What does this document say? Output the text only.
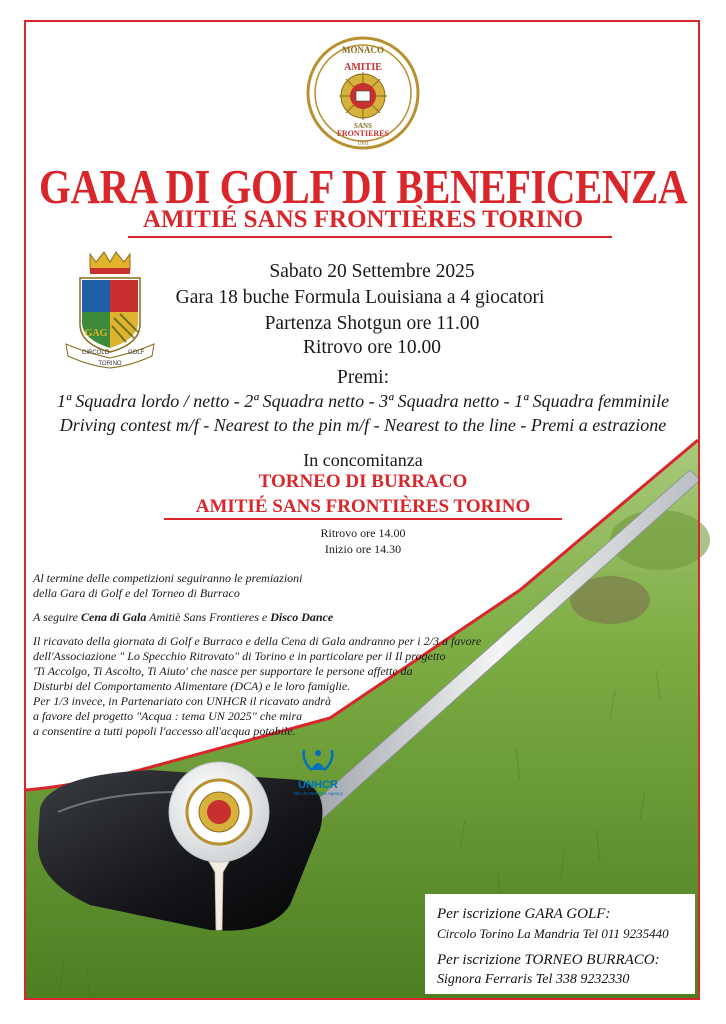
MONACO
AMITIE
SANS
FRONTIERES
1991
GARA DI GOLF DI BENEFICENZA
AMITIÉ SANS FRONTIÈRES TORINO
GAG
CIRCOLO	GOLF
TORINO
Sabato 20 Settembre 2025
Gara 18 buche Formula Louisiana a 4 giocatori
Partenza Shotgun ore 11.00
Ritrovo ore 10.00
Premi:
1ª Squadra lordo / netto - 2ª Squadra netto - 3ª Squadra netto - 1ª Squadra femminile
Driving contest m/f - Nearest to the pin m/f - Nearest to the line - Premi a estrazione
In concomitanza
TORNEO DI BURRACO
AMITIÉ SANS FRONTIÈRES TORINO
Ritrovo ore 14.00
Inizio ore 14.30
Al termine delle competizioni seguiranno le premiazioni
della Gara di Golf e del Torneo di Burraco
A seguire Cena di Gala Amitiè Sans Frontieres e Disco Dance
Il ricavato della giornata di Golf e Burraco e della Cena di Gala andranno per i 2/3 a favore
dell'Associazione " Lo Specchio Ritrovato" di Torino e in particolare per il Il progetto
'Ti Accolgo, Ti Ascolto, Ti Aiuto' che nasce per supportare le persone affette da
Disturbi del Comportamento Alimentare (DCA) e le loro famiglie.
Per 1/3 invece, in Partenariato con UNHCR il ricavato andrà
a favore del progetto "Acqua : tema UN 2025" che mira
a consentire a tutti popoli l'accesso all'acqua potabile.
UNHCR
The UN Refugee Agency
Per iscrizione GARA GOLF:
Circolo Torino La Mandria Tel 011 9235440
Per iscrizione TORNEO BURRACO:
Signora Ferraris Tel 338 9232330
